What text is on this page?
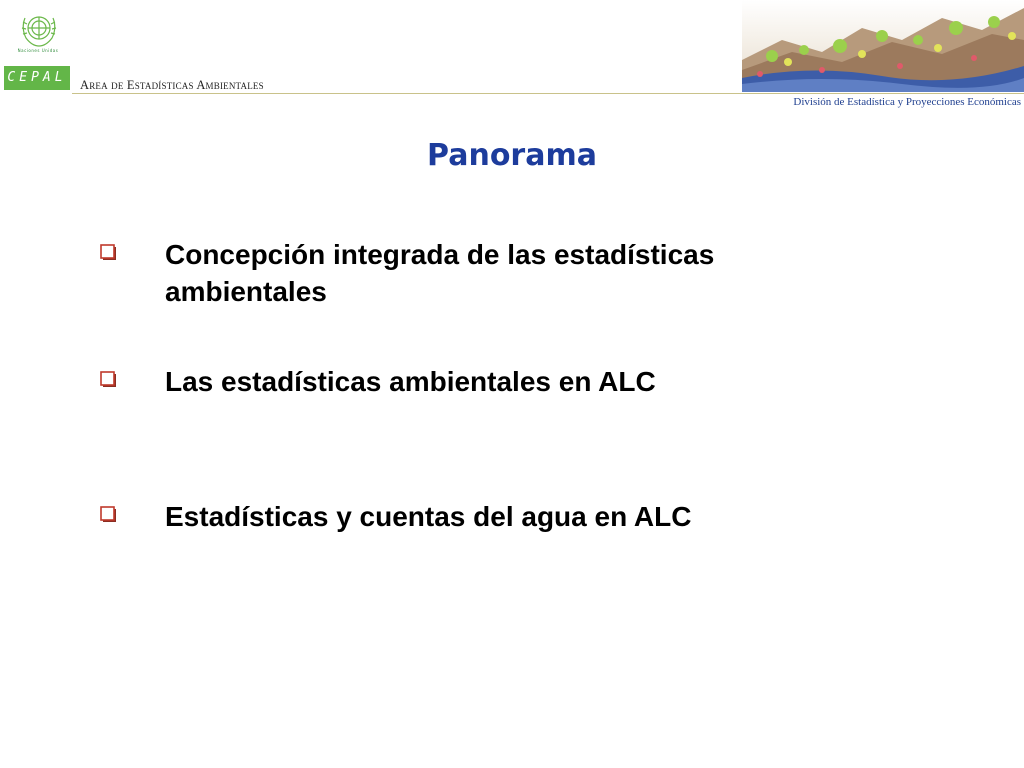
Naciones Unidas
CEPAL Area de Estadísticas Ambientales
División de Estadística y Proyecciones Económicas
Panorama
Concepción integrada de las estadísticas ambientales
Las estadísticas ambientales en ALC
Estadísticas y cuentas del agua en ALC
